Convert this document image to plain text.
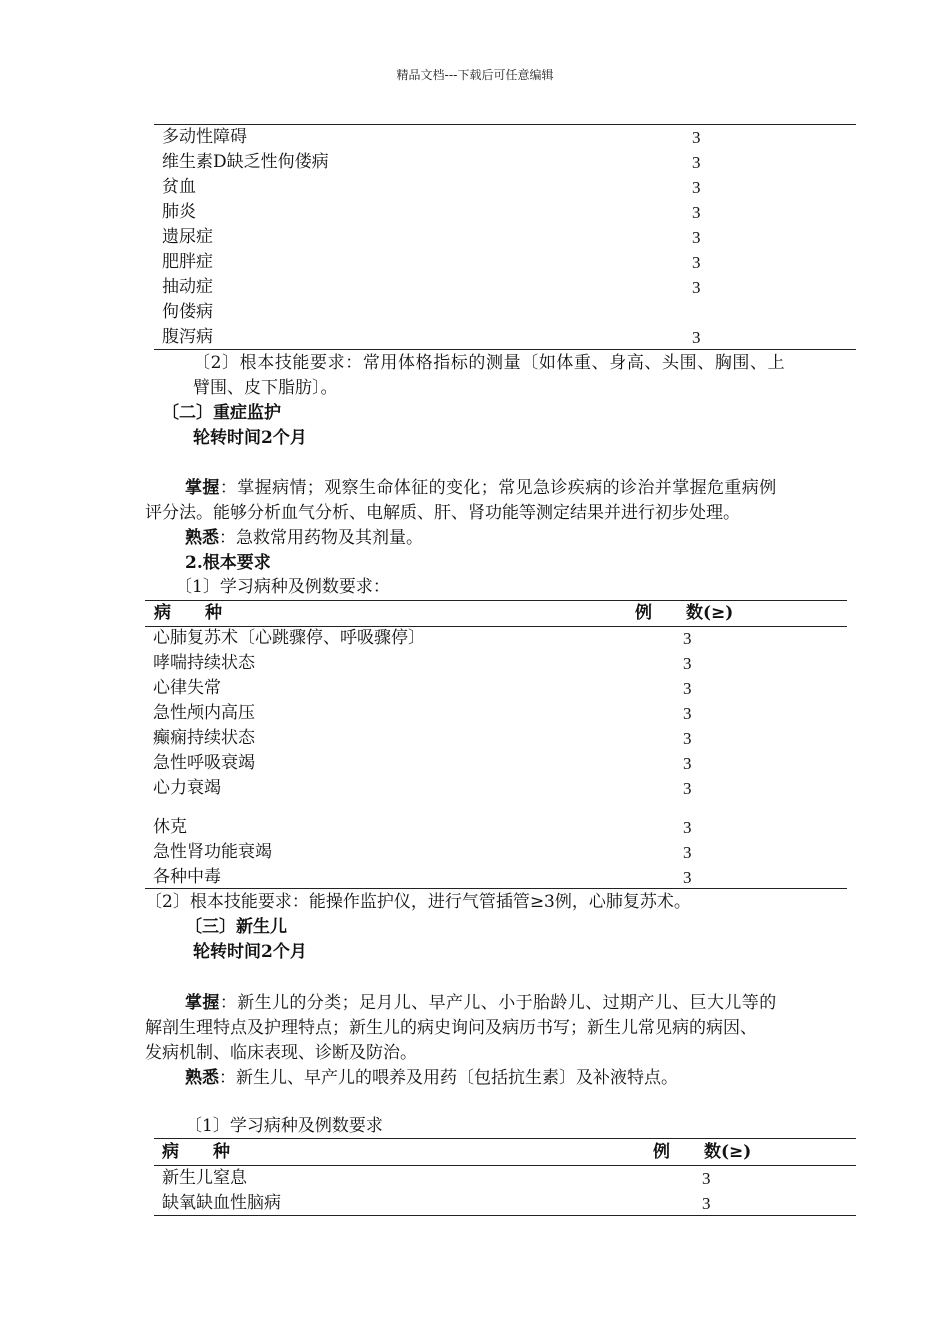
精品文档---下载后可任意编辑
多动性障碍	3
维生素D缺乏性佝偻病	3
贫血	3
肺炎	3
遗尿症	3
肥胖症	3
抽动症	3
佝偻病
腹泻病	3
〔2〕根本技能要求：常用体格指标的测量〔如体重、身高、头围、胸围、上
臂围、皮下脂肪〕。
〔二〕重症监护
轮转时间2个月
掌握：掌握病情；观察生命体征的变化；常见急诊疾病的诊治并掌握危重病例
评分法。能够分析血气分析、电解质、肝、肾功能等测定结果并进行初步处理。
熟悉：急救常用药物及其剂量。
2.根本要求
〔1〕学习病种及例数要求：
病　　种	例　　数(≥)
心肺复苏术〔心跳骤停、呼吸骤停〕	3
哮喘持续状态	3
心律失常	3
急性颅内高压	3
癫痫持续状态	3
急性呼吸衰竭	3
心力衰竭	3
休克	3
急性肾功能衰竭	3
各种中毒	3
〔2〕根本技能要求：能操作监护仪，进行气管插管≥3例，心肺复苏术。
〔三〕新生儿
轮转时间2个月
掌握：新生儿的分类；足月儿、早产儿、小于胎龄儿、过期产儿、巨大儿等的
解剖生理特点及护理特点；新生儿的病史询问及病历书写；新生儿常见病的病因、
发病机制、临床表现、诊断及防治。
熟悉：新生儿、早产儿的喂养及用药〔包括抗生素〕及补液特点。
〔1〕学习病种及例数要求
病　　种	例　　数(≥)
新生儿窒息	3
缺氧缺血性脑病	3
